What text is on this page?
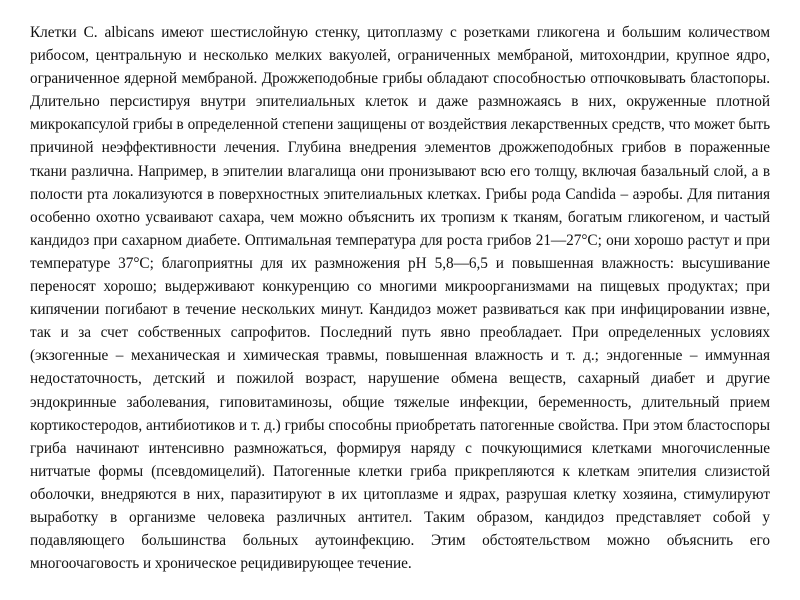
Клетки C. albicans имеют шестислойную стенку, цитоплазму с розетками гликогена и большим количеством рибосом, центральную и несколько мелких вакуолей, ограниченных мембраной, митохондрии, крупное ядро, ограниченное ядерной мембраной. Дрожжеподобные грибы обладают способностью отпочковывать бластопоры. Длительно персистируя внутри эпителиальных клеток и даже размножаясь в них, окруженные плотной микрокапсулой грибы в определенной степени защищены от воздействия лекарственных средств, что может быть причиной неэффективности лечения. Глубина внедрения элементов дрожжеподобных грибов в пораженные ткани различна. Например, в эпителии влагалища они пронизывают всю его толщу, включая базальный слой, а в полости рта локализуются в поверхностных эпителиальных клетках. Грибы рода Candida – аэробы. Для питания особенно охотно усваивают сахара, чем можно объяснить их тропизм к тканям, богатым гликогеном, и частый кандидоз при сахарном диабете. Оптимальная температура для роста грибов 21—27°С; они хорошо растут и при температуре 37°С; благоприятны для их размножения рН 5,8—6,5 и повышенная влажность: высушивание переносят хорошо; выдерживают конкуренцию со многими микроорганизмами на пищевых продуктах; при кипячении погибают в течение нескольких минут. Кандидоз может развиваться как при инфицировании извне, так и за счет собственных сапрофитов. Последний путь явно преобладает. При определенных условиях (экзогенные – механическая и химическая травмы, повышенная влажность и т. д.; эндогенные – иммунная недостаточность, детский и пожилой возраст, нарушение обмена веществ, сахарный диабет и другие эндокринные заболевания, гиповитаминозы, общие тяжелые инфекции, беременность, длительный прием кортикостеродов, антибиотиков и т. д.) грибы способны приобретать патогенные свойства. При этом бластоспоры гриба начинают интенсивно размножаться, формируя наряду с почкующимися клетками многочисленные нитчатые формы (псевдомицелий). Патогенные клетки гриба прикрепляются к клеткам эпителия слизистой оболочки, внедряются в них, паразитируют в их цитоплазме и ядрах, разрушая клетку хозяина, стимулируют выработку в организме человека различных антител. Таким образом, кандидоз представляет собой у подавляющего большинства больных аутоинфекцию. Этим обстоятельством можно объяснить его многоочаговость и хроническое рецидивирующее течение.
